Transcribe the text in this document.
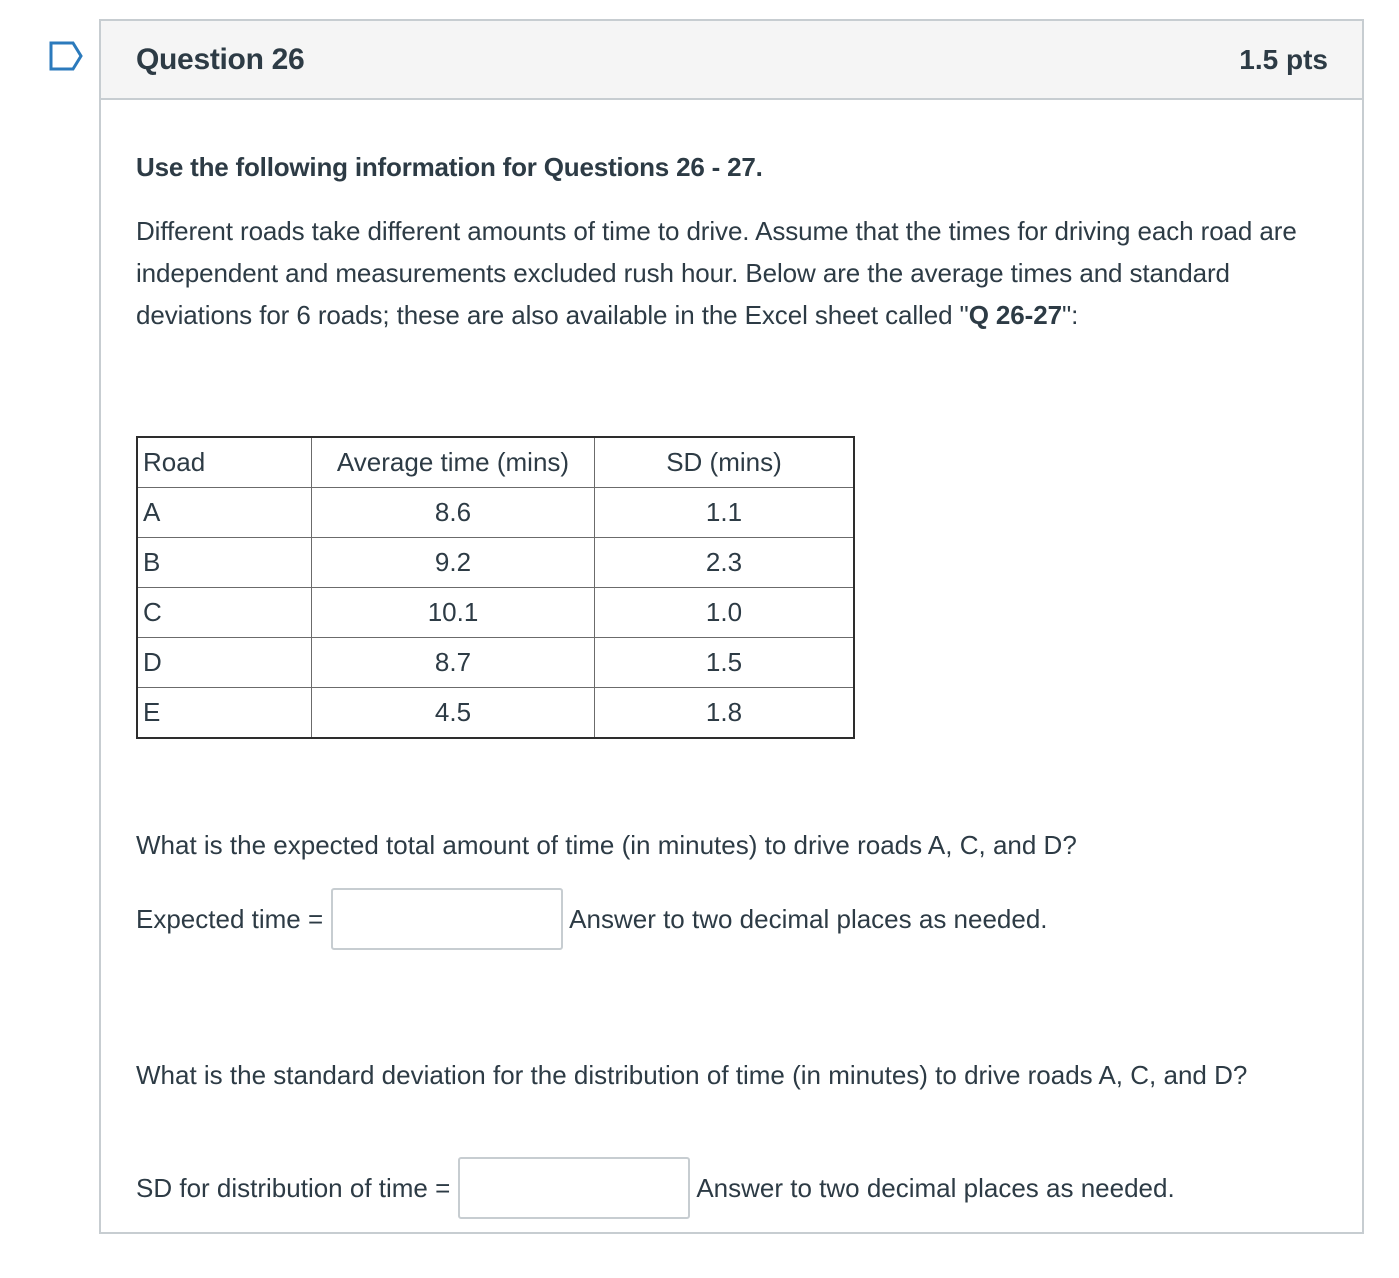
Question 26	1.5 pts
Use the following information for Questions 26 - 27.
Different roads take different amounts of time to drive. Assume that the times for driving each road are independent and measurements excluded rush hour. Below are the average times and standard deviations for 6 roads; these are also available in the Excel sheet called "Q 26-27":
Road	Average time (mins)	SD (mins)
A	8.6	1.1
B	9.2	2.3
C	10.1	1.0
D	8.7	1.5
E	4.5	1.8
What is the expected total amount of time (in minutes) to drive roads A, C, and D?
Expected time =	Answer to two decimal places as needed.
What is the standard deviation for the distribution of time (in minutes) to drive roads A, C, and D?
SD for distribution of time =	Answer to two decimal places as needed.
